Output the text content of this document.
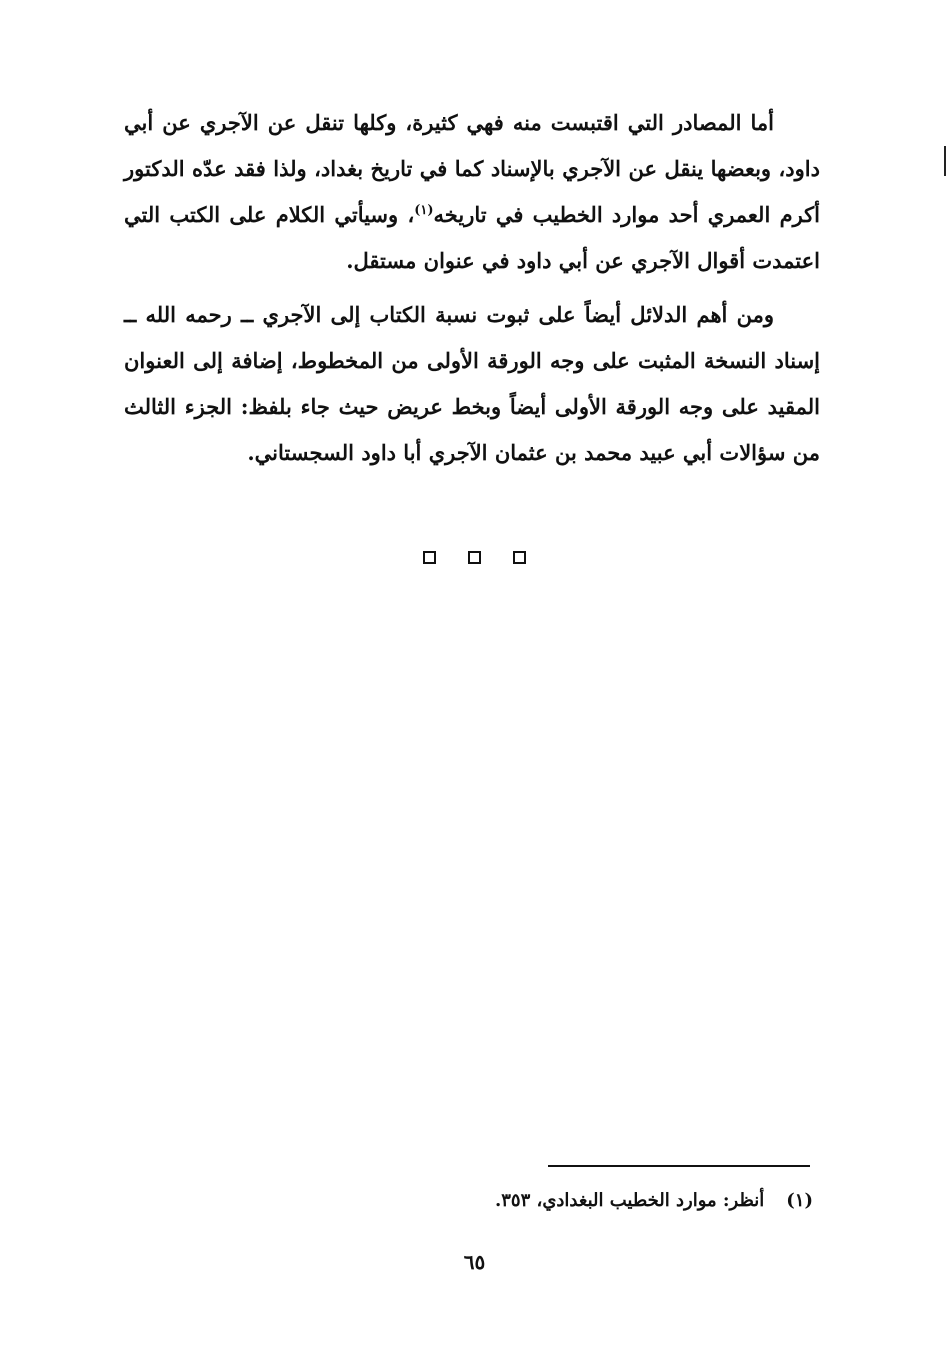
أما المصادر التي اقتبست منه فهي كثيرة، وكلها تنقل عن الآجري عن أبي داود، وبعضها ينقل عن الآجري بالإسناد كما في تاريخ بغداد، ولذا فقد عدّه الدكتور أكرم العمري أحد موارد الخطيب في تاريخه$^{(١)}$، وسيأتي الكلام على الكتب التي اعتمدت أقوال الآجري عن أبي داود في عنوان مستقل.

ومن أهم الدلائل أيضاً على ثبوت نسبة الكتاب إلى الآجري ــ رحمه الله ــ إسناد النسخة المثبت على وجه الورقة الأولى من المخطوط، إضافة إلى العنوان المقيد على وجه الورقة الأولى أيضاً وبخط عريض حيث جاء بلفظ: الجزء الثالث من سؤالات أبي عبيد محمد بن عثمان الآجري أبا داود السجستاني.

(١)أنظر: موارد الخطيب البغدادي، ٣٥٣.
٦٥
